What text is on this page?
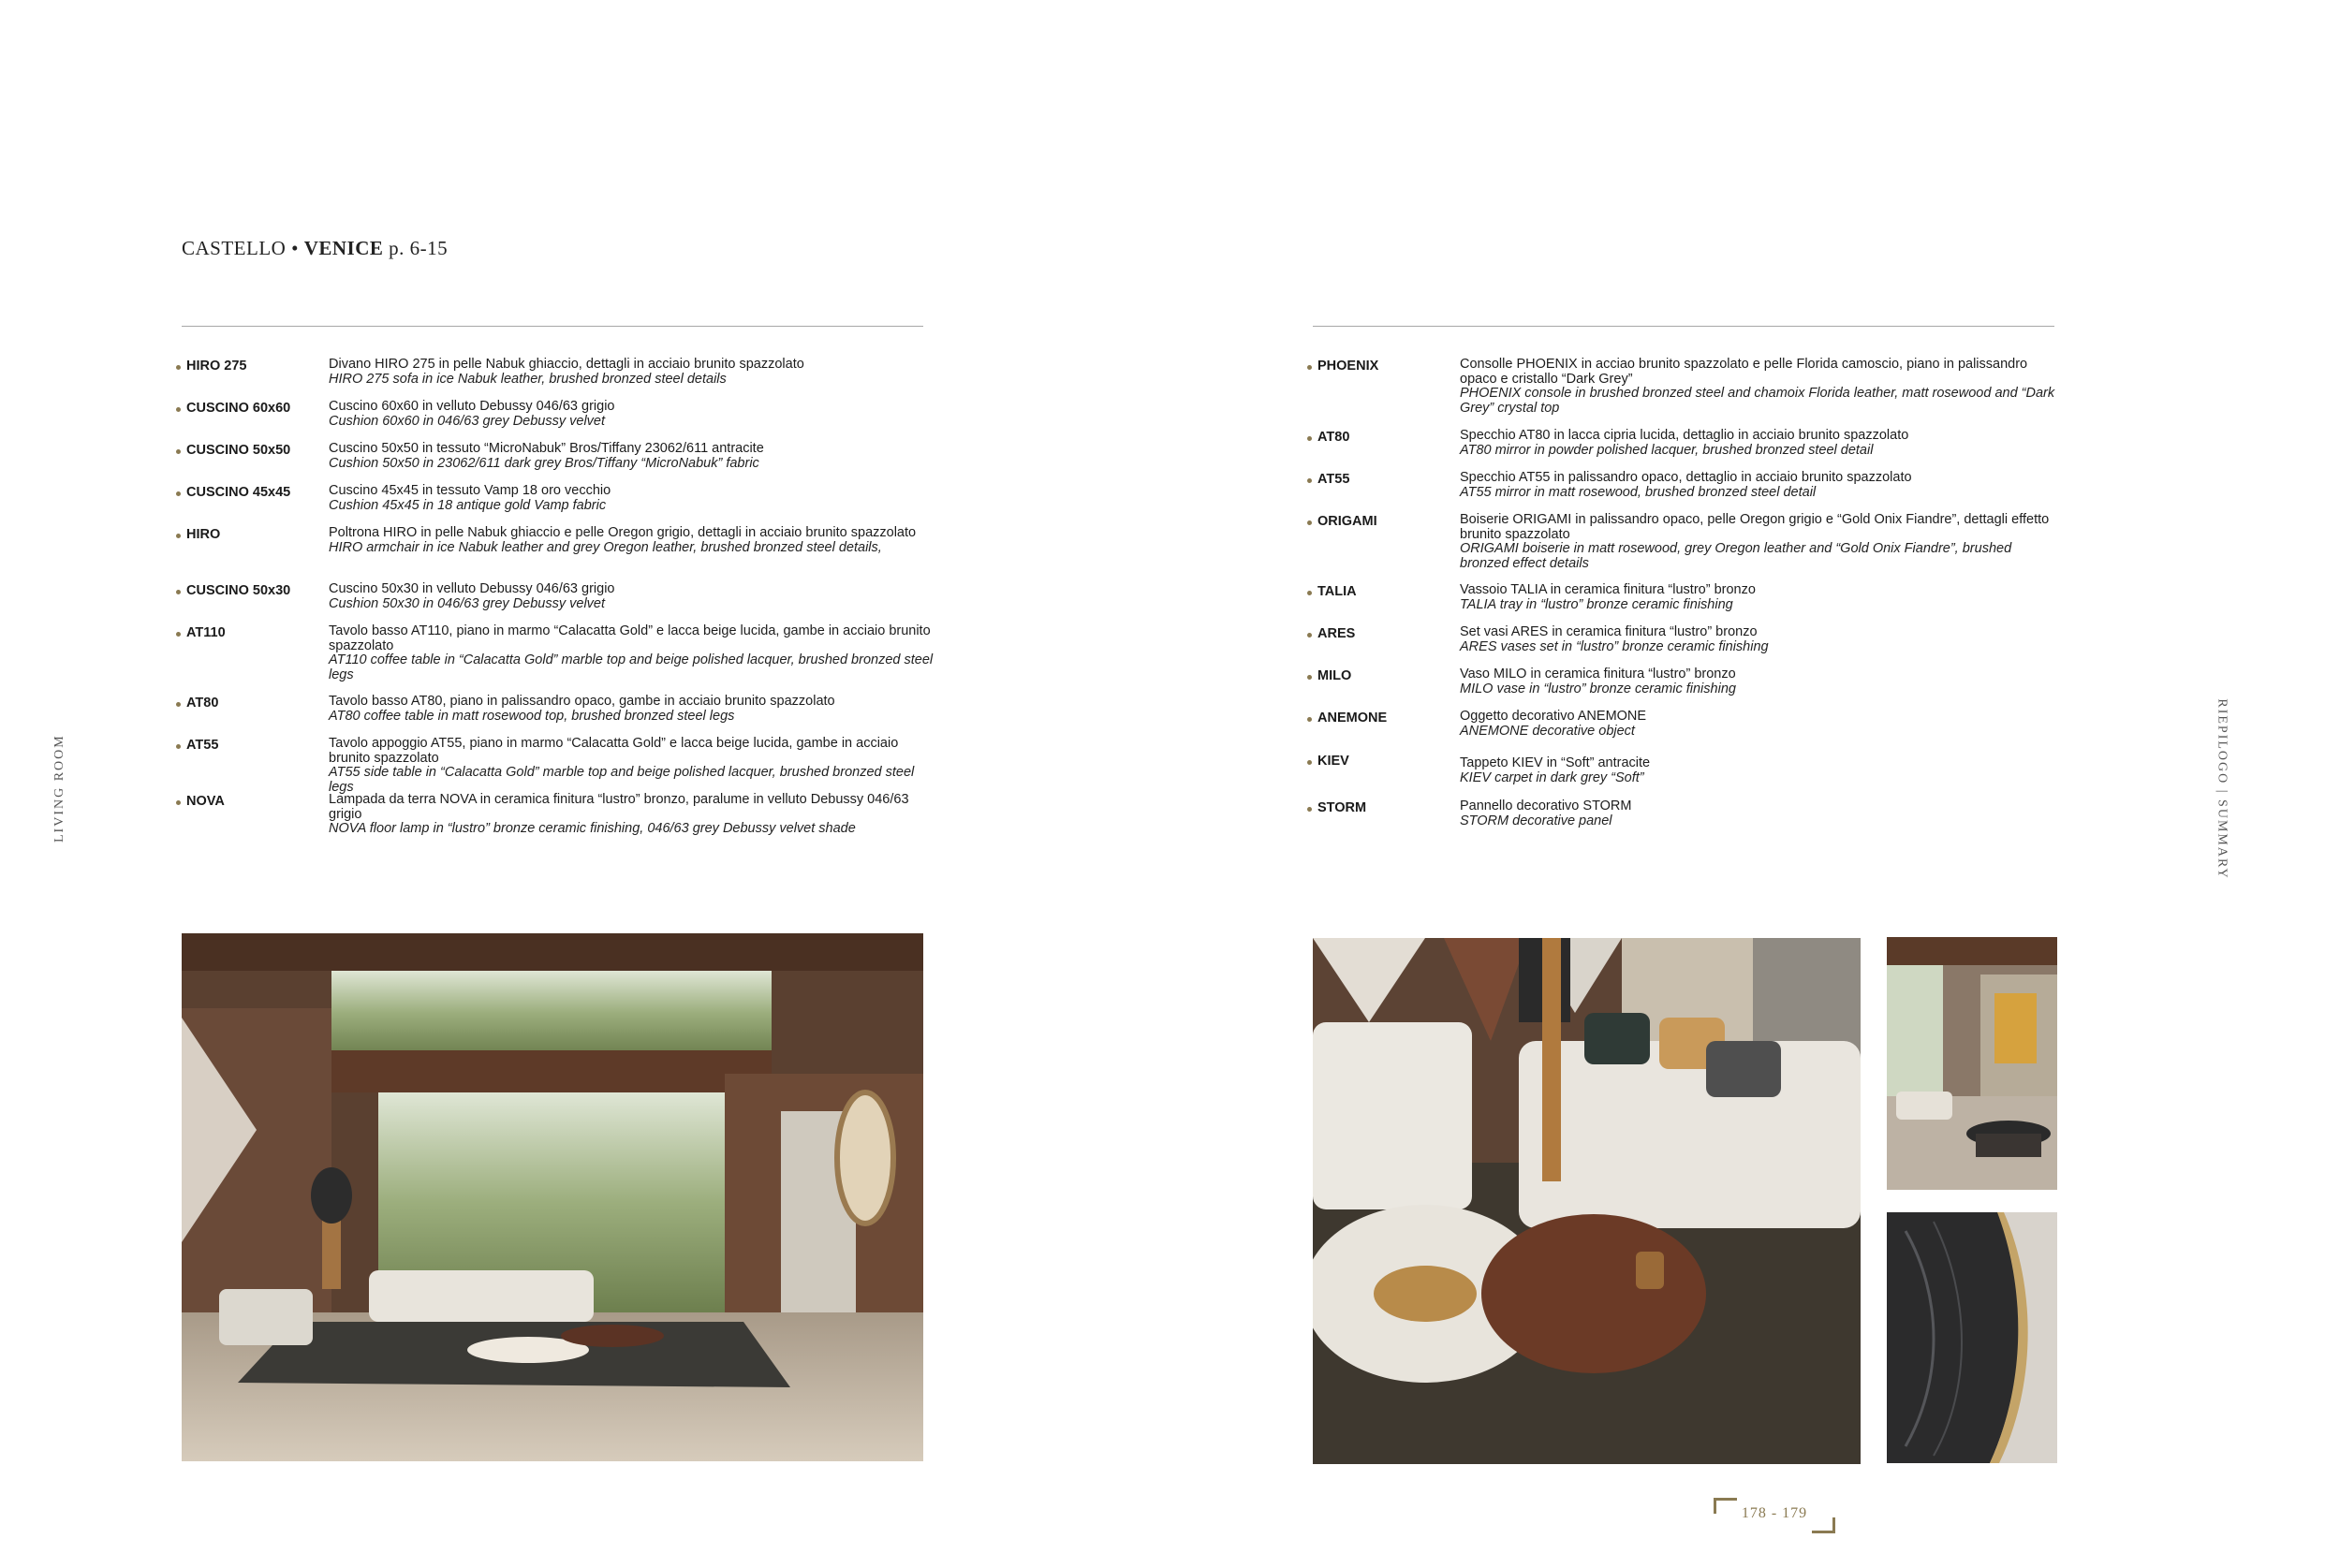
CASTELLO • VENICE p. 6-15
HIRO 275	Divano HIRO 275 in pelle Nabuk ghiaccio, dettagli in acciaio brunito spazzolato
HIRO 275 sofa in ice Nabuk leather, brushed bronzed steel details
CUSCINO 60x60	Cuscino 60x60 in velluto Debussy 046/63 grigio
Cushion 60x60 in 046/63 grey Debussy velvet
CUSCINO 50x50	Cuscino 50x50 in tessuto “MicroNabuk” Bros/Tiffany 23062/611 antracite
Cushion 50x50 in 23062/611 dark grey Bros/Tiffany “MicroNabuk” fabric
CUSCINO 45x45	Cuscino 45x45 in tessuto Vamp 18 oro vecchio
Cushion 45x45 in 18 antique gold Vamp fabric
HIRO	Poltrona HIRO in pelle Nabuk ghiaccio e pelle Oregon grigio, dettagli in acciaio brunito spazzolato
HIRO armchair in ice Nabuk leather and grey Oregon leather, brushed bronzed steel details,
CUSCINO 50x30	Cuscino 50x30 in velluto Debussy 046/63 grigio
Cushion 50x30 in 046/63 grey Debussy velvet
AT110	Tavolo basso AT110, piano in marmo “Calacatta Gold” e lacca beige lucida, gambe in acciaio brunito spazzolato
AT110 coffee table in “Calacatta Gold” marble top and beige polished lacquer, brushed bronzed steel legs
AT80	Tavolo basso AT80, piano in palissandro opaco, gambe in acciaio brunito spazzolato
AT80 coffee table in matt rosewood top, brushed bronzed steel legs
AT55	Tavolo appoggio AT55, piano in marmo “Calacatta Gold” e lacca beige lucida, gambe in acciaio brunito spazzolato
AT55 side table in “Calacatta Gold” marble top and beige polished lacquer, brushed bronzed steel legs
NOVA	Lampada da terra NOVA in ceramica finitura “lustro” bronzo, paralume in velluto Debussy 046/63 grigio
NOVA floor lamp in “lustro” bronze ceramic finishing, 046/63 grey Debussy velvet shade
PHOENIX	Consolle PHOENIX in acciao brunito spazzolato e pelle Florida camoscio, piano in palissandro opaco e cristallo “Dark Grey”
PHOENIX console in brushed bronzed steel and chamoix Florida leather, matt rosewood and “Dark Grey” crystal top
AT80	Specchio AT80 in lacca cipria lucida, dettaglio in acciaio brunito spazzolato
AT80 mirror in powder polished lacquer, brushed bronzed steel detail
AT55	Specchio AT55 in palissandro opaco, dettaglio in acciaio brunito spazzolato
AT55 mirror in matt rosewood, brushed bronzed steel detail
ORIGAMI	Boiserie ORIGAMI in palissandro opaco, pelle Oregon grigio e “Gold Onix Fiandre”, dettagli effetto brunito spazzolato
ORIGAMI boiserie in matt rosewood, grey Oregon leather and “Gold Onix Fiandre”, brushed bronzed effect details
TALIA	Vassoio TALIA in ceramica finitura “lustro” bronzo
TALIA tray in “lustro” bronze ceramic finishing
ARES	Set vasi ARES in ceramica finitura “lustro” bronzo
ARES vases set in “lustro” bronze ceramic finishing
MILO	Vaso MILO in ceramica finitura “lustro” bronzo
MILO vase in “lustro” bronze ceramic finishing
ANEMONE	Oggetto decorativo ANEMONE
ANEMONE decorative object
KIEV	Tappeto KIEV in “Soft” antracite
KIEV carpet in dark grey “Soft”
STORM	Pannello decorativo STORM
STORM decorative panel
LIVING ROOM	RIEPILOGO | SUMMARY
178 - 179
